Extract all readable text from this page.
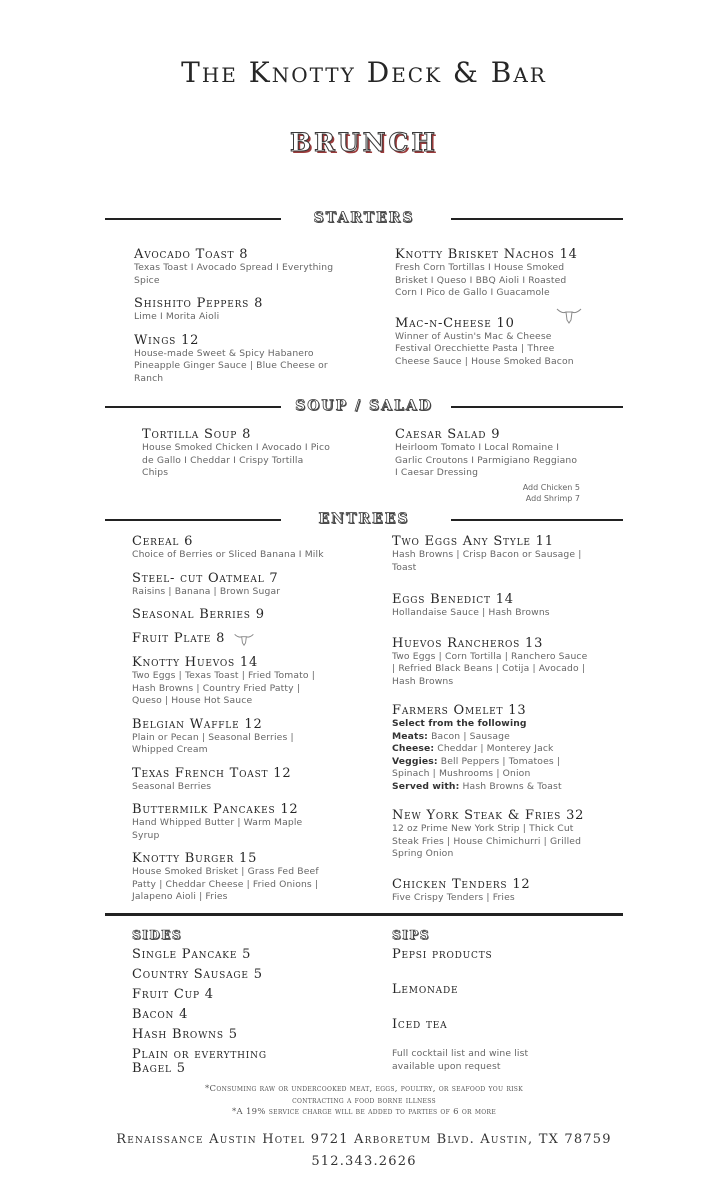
The Knotty Deck & Bar
BRUNCH
STARTERS
Avocado Toast 8
Texas Toast I Avocado Spread I Everything Spice
Shishito Peppers 8
Lime I Morita Aioli
Wings 12
House-made Sweet & Spicy Habanero Pineapple Ginger Sauce | Blue Cheese or Ranch
Knotty Brisket Nachos 14
Fresh Corn Tortillas I House Smoked Brisket I Queso I BBQ Aioli I Roasted Corn I Pico de Gallo I Guacamole
Mac-n-Cheese 10
Winner of Austin's Mac & Cheese Festival Orecchiette Pasta | Three Cheese Sauce | House Smoked Bacon
SOUP / SALAD
Tortilla Soup 8
House Smoked Chicken I Avocado I Pico de Gallo I Cheddar I Crispy Tortilla Chips
Caesar Salad 9
Heirloom Tomato I Local Romaine I Garlic Croutons I Parmigiano Reggiano I Caesar Dressing
Add Chicken 5
Add Shrimp 7
ENTREES
Cereal 6
Choice of Berries or Sliced Banana I Milk
Steel- cut Oatmeal 7
Raisins | Banana | Brown Sugar
Seasonal Berries 9
Fruit Plate 8
Knotty Huevos 14
Two Eggs | Texas Toast | Fried Tomato | Hash Browns | Country Fried Patty | Queso | House Hot Sauce
Belgian Waffle 12
Plain or Pecan | Seasonal Berries | Whipped Cream
Texas French Toast 12
Seasonal Berries
Buttermilk Pancakes 12
Hand Whipped Butter | Warm Maple Syrup
Knotty Burger 15
House Smoked Brisket | Grass Fed Beef Patty | Cheddar Cheese | Fried Onions | Jalapeno Aioli | Fries
Two Eggs Any Style 11
Hash Browns | Crisp Bacon or Sausage | Toast
Eggs Benedict 14
Hollandaise Sauce | Hash Browns
Huevos Rancheros 13
Two Eggs | Corn Tortilla | Ranchero Sauce | Refried Black Beans | Cotija | Avocado | Hash Browns
Farmers Omelet 13
Select from the following
Meats: Bacon | Sausage
Cheese: Cheddar | Monterey Jack
Veggies: Bell Peppers | Tomatoes | Spinach | Mushrooms | Onion
Served with: Hash Browns & Toast
New York Steak & Fries 32
12 oz Prime New York Strip | Thick Cut Steak Fries | House Chimichurri | Grilled Spring Onion
Chicken Tenders 12
Five Crispy Tenders | Fries
SIDES
Single Pancake 5
Country Sausage 5
Fruit Cup 4
Bacon 4
Hash Browns 5
Plain or everything Bagel 5
SIPS
Pepsi products
Lemonade
Iced tea
Full cocktail list and wine list available upon request
*Consuming raw or undercooked meat, eggs, poultry, or seafood you risk
contracting a food borne illness
*A 19% service charge will be added to parties of 6 or more
Renaissance Austin Hotel 9721 Arboretum Blvd. Austin, TX 78759
512.343.2626
